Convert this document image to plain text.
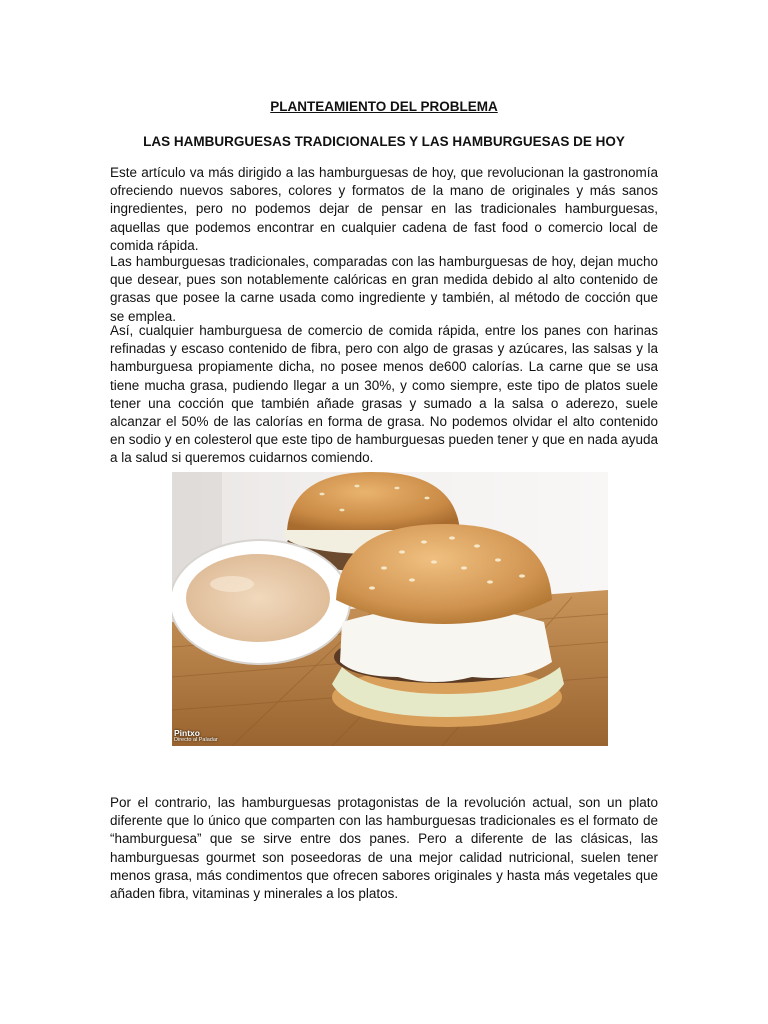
PLANTEAMIENTO DEL PROBLEMA
LAS HAMBURGUESAS TRADICIONALES Y LAS HAMBURGUESAS DE HOY
Este artículo va más dirigido a las hamburguesas de hoy, que revolucionan la gastronomía ofreciendo nuevos sabores, colores y formatos de la mano de originales y más sanos ingredientes, pero no podemos dejar de pensar en las tradicionales hamburguesas, aquellas que podemos encontrar en cualquier cadena de fast food o comercio local de comida rápida.
Las hamburguesas tradicionales, comparadas con las hamburguesas de hoy, dejan mucho que desear, pues son notablemente calóricas en gran medida debido al alto contenido de grasas que posee la carne usada como ingrediente y también, al método de cocción que se emplea.
Así, cualquier hamburguesa de comercio de comida rápida, entre los panes con harinas refinadas y escaso contenido de fibra, pero con algo de grasas y azúcares, las salsas y la hamburguesa propiamente dicha, no posee menos de600 calorías. La carne que se usa tiene mucha grasa, pudiendo llegar a un 30%, y como siempre, este tipo de platos suele tener una cocción que también añade grasas y sumado a la salsa o aderezo, suele alcanzar el 50% de las calorías en forma de grasa. No podemos olvidar el alto contenido en sodio y en colesterol que este tipo de hamburguesas pueden tener y que en nada ayuda a la salud si queremos cuidarnos comiendo.
Pintxo
Directo al Paladar
Por el contrario, las hamburguesas protagonistas de la revolución actual, son un plato diferente que lo único que comparten con las hamburguesas tradicionales es el formato de “hamburguesa” que se sirve entre dos panes. Pero a diferente de las clásicas, las hamburguesas gourmet son poseedoras de una mejor calidad nutricional, suelen tener menos grasa, más condimentos que ofrecen sabores originales y hasta más vegetales que añaden fibra, vitaminas y minerales a los platos.
